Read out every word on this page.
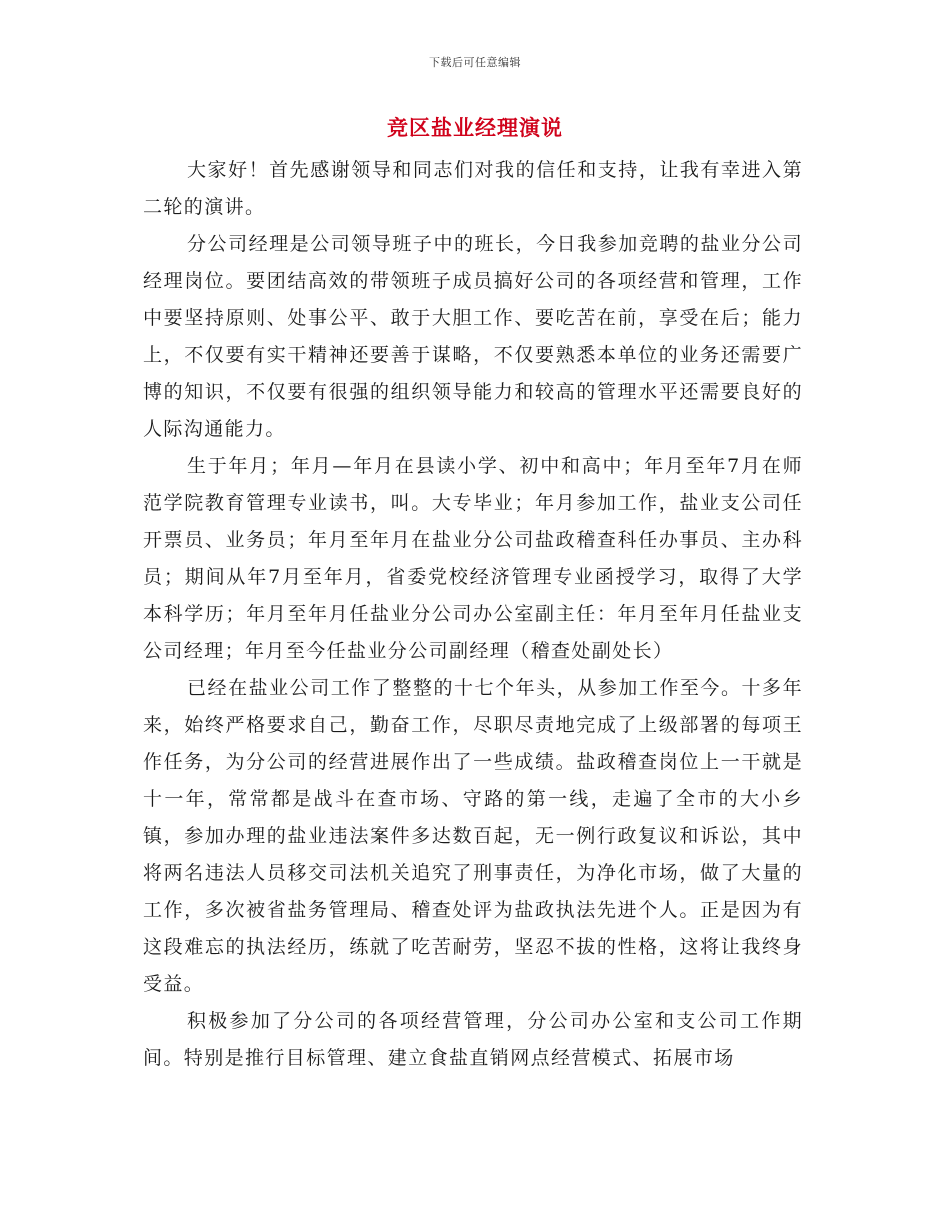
下载后可任意编辑
竞区盐业经理演说

大家好！首先感谢领导和同志们对我的信任和支持，让我有幸进入第二轮的演讲。

分公司经理是公司领导班子中的班长，今日我参加竞聘的盐业分公司经理岗位。要团结高效的带领班子成员搞好公司的各项经营和管理，工作中要坚持原则、处事公平、敢于大胆工作、要吃苦在前，享受在后；能力上，不仅要有实干精神还要善于谋略，不仅要熟悉本单位的业务还需要广博的知识，不仅要有很强的组织领导能力和较高的管理水平还需要良好的人际沟通能力。

生于年月；年月—年月在县读小学、初中和高中；年月至年7月在师范学院教育管理专业读书，叫。大专毕业；年月参加工作，盐业支公司任开票员、业务员；年月至年月在盐业分公司盐政稽查科任办事员、主办科员；期间从年7月至年月，省委党校经济管理专业函授学习，取得了大学本科学历；年月至年月任盐业分公司办公室副主任：年月至年月任盐业支公司经理；年月至今任盐业分公司副经理（稽查处副处长）

已经在盐业公司工作了整整的十七个年头，从参加工作至今。十多年来，始终严格要求自己，勤奋工作，尽职尽责地完成了上级部署的每项王作任务，为分公司的经营进展作出了一些成绩。盐政稽查岗位上一干就是十一年，常常都是战斗在查市场、守路的第一线，走遍了全市的大小乡镇，参加办理的盐业违法案件多达数百起，无一例行政复议和诉讼，其中将两名违法人员移交司法机关追究了刑事责任，为净化市场，做了大量的工作，多次被省盐务管理局、稽查处评为盐政执法先进个人。正是因为有这段难忘的执法经历，练就了吃苦耐劳，坚忍不拔的性格，这将让我终身受益。

积极参加了分公司的各项经营管理，分公司办公室和支公司工作期间。特别是推行目标管理、建立食盐直销网点经营模式、拓展市场
